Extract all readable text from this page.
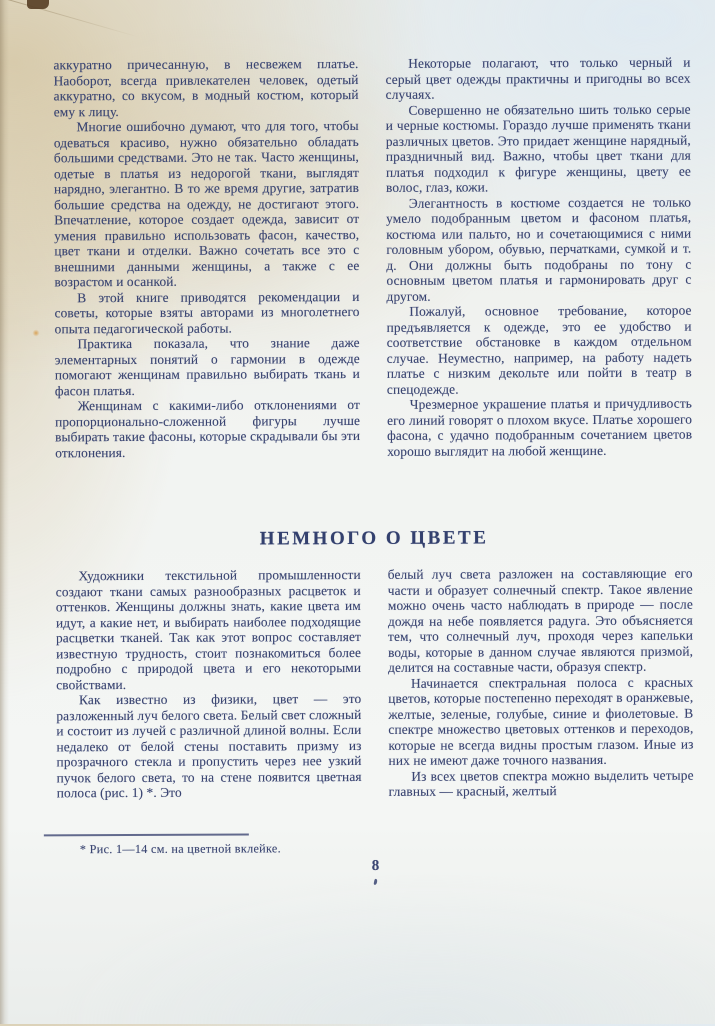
аккуратно причесанную, в несвежем платье. Наоборот, всегда привлекателен человек, одетый аккуратно, со вкусом, в модный костюм, который ему к лицу.

Многие ошибочно думают, что для того, чтобы одеваться красиво, нужно обязательно обладать большими средствами. Это не так. Часто женщины, одетые в платья из недорогой ткани, выглядят нарядно, элегантно. В то же время другие, затратив большие средства на одежду, не достигают этого. Впечатление, которое создает одежда, зависит от умения правильно использовать фасон, качество, цвет ткани и отделки. Важно сочетать все это с внешними данными женщины, а также с ее возрастом и осанкой.

В этой книге приводятся рекомендации и советы, которые взяты авторами из многолетнего опыта педагогической работы.

Практика показала, что знание даже элементарных понятий о гармонии в одежде помогают женщинам правильно выбирать ткань и фасон платья.

Женщинам с какими-либо отклонениями от пропорционально-сложенной фигуры лучше выбирать такие фасоны, которые скрадывали бы эти отклонения.

Некоторые полагают, что только черный и серый цвет одежды практичны и пригодны во всех случаях.

Совершенно не обязательно шить только серые и черные костюмы. Гораздо лучше применять ткани различных цветов. Это придает женщине нарядный, праздничный вид. Важно, чтобы цвет ткани для платья подходил к фигуре женщины, цвету ее волос, глаз, кожи.

Элегантность в костюме создается не только умело подобранным цветом и фасоном платья, костюма или пальто, но и сочетающимися с ними головным убором, обувью, перчатками, сумкой и т. д. Они должны быть подобраны по тону с основным цветом платья и гармонировать друг с другом.

Пожалуй, основное требование, которое предъявляется к одежде, это ее удобство и соответствие обстановке в каждом отдельном случае. Неуместно, например, на работу надеть платье с низким декольте или пойти в театр в спецодежде.

Чрезмерное украшение платья и причудливость его линий говорят о плохом вкусе. Платье хорошего фасона, с удачно подобранным сочетанием цветов хорошо выглядит на любой женщине.

НЕМНОГО О ЦВЕТЕ

Художники текстильной промышленности создают ткани самых разнообразных расцветок и оттенков. Женщины должны знать, какие цвета им идут, а какие нет, и выбирать наиболее подходящие расцветки тканей. Так как этот вопрос составляет известную трудность, стоит познакомиться более подробно с природой цвета и его некоторыми свойствами.

Как известно из физики, цвет — это разложенный луч белого света. Белый свет сложный и состоит из лучей с различной длиной волны. Если недалеко от белой стены поставить призму из прозрачного стекла и пропустить через нее узкий пучок белого света, то на стене появится цветная полоса (рис. 1) *. Это

белый луч света разложен на составляющие его части и образует солнечный спектр. Такое явление можно очень часто наблюдать в природе — после дождя на небе появляется радуга. Это объясняется тем, что солнечный луч, проходя через капельки воды, которые в данном случае являются призмой, делится на составные части, образуя спектр.

Начинается спектральная полоса с красных цветов, которые постепенно переходят в оранжевые, желтые, зеленые, голубые, синие и фиолетовые. В спектре множество цветовых оттенков и переходов, которые не всегда видны простым глазом. Иные из них не имеют даже точного названия.

Из всех цветов спектра можно выделить четыре главных — красный, желтый

* Рис. 1—14 см. на цветной вклейке.

8
